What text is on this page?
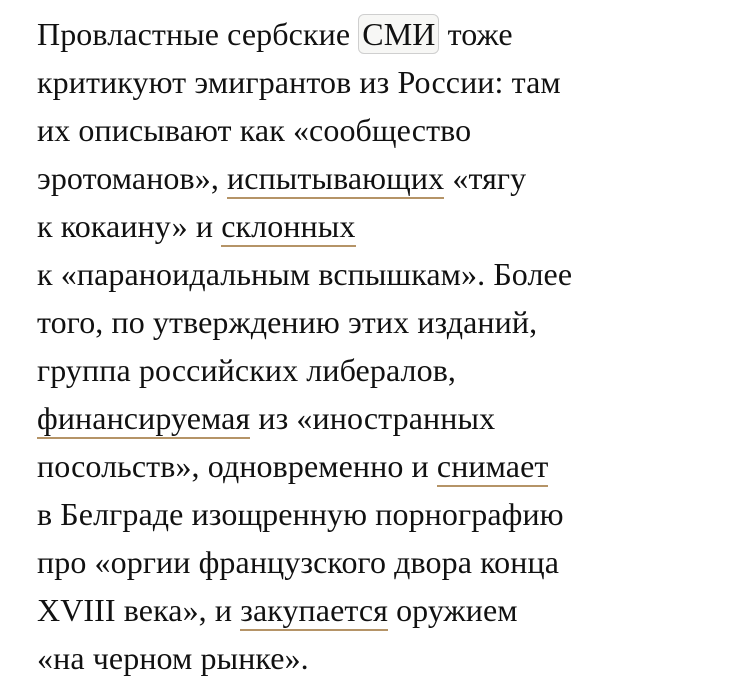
Провластные сербские СМИ тоже
критикуют эмигрантов из России: там
их описывают как «сообщество
эротоманов», испытывающих «тягу
к кокаину» и склонных
к «параноидальным вспышкам». Более
того, по утверждению этих изданий,
группа российских либералов,
финансируемая из «иностранных
посольств», одновременно и снимает
в Белграде изощренную порнографию
про «оргии французского двора конца
XVIII века», и закупается оружием
«на черном рынке».
